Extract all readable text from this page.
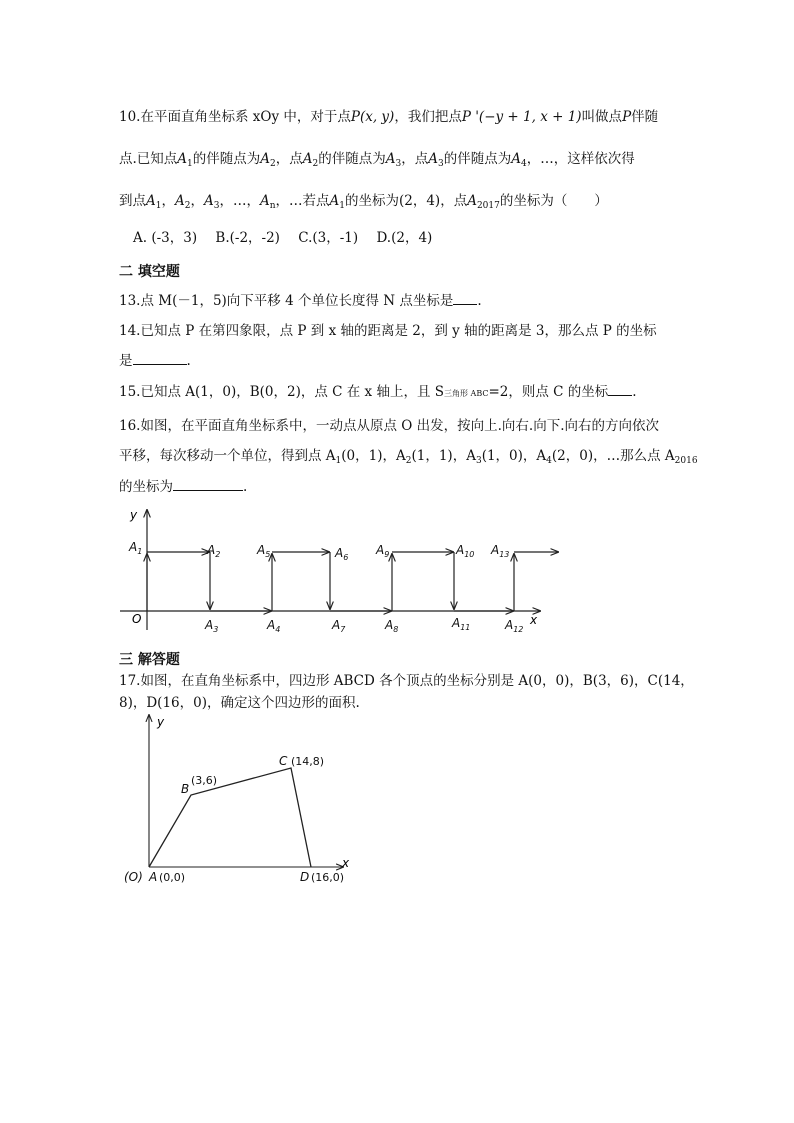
10.在平面直角坐标系 xOy 中，对于点P(x, y)，我们把点P '(−y + 1, x + 1)叫做点P伴随
点.已知点$A_1$的伴随点为$A_2$，点$A_2$的伴随点为$A_3$，点$A_3$的伴随点为$A_4$，…，这样依次得
到点$A_1$，$A_2$，$A_3$，…，$A_n$，…若点$A_1$的坐标为(2，4)，点$A_{2017}$的坐标为（　　）
A. (-3，3) B.(-2，-2) C.(3，-1) D.(2，4)
二 填空题
13.点 M(－1，5)向下平移 4 个单位长度得 N 点坐标是 .
14.已知点 P 在第四象限，点 P 到 x 轴的距离是 2，到 y 轴的距离是 3，那么点 P 的坐标
是	.
15.已知点 A(1，0)，B(0，2)，点 C 在 x 轴上，且 S三角形 ABC=2，则点 C 的坐标 .
16.如图，在平面直角坐标系中，一动点从原点 O 出发，按向上.向右.向下.向右的方向依次
平移，每次移动一个单位，得到点 $A_1(0$，1)，$A_2(1$，1)，$A_3(1$，0)，$A_4(2$，0)，…那么点 $A_{2016}$
的坐标为	.
y
x
O
$A_1$	$A_2$
$A_3$	$A_4$
$A_5$	$A_6$
$A_7$	$A_8$
$A_9$	$A_{10}$
$A_{11}$	$A_{12}$
$A_{13}$
三 解答题
17.如图，在直角坐标系中，四边形 ABCD 各个顶点的坐标分别是 A(0，0)，B(3，6)，C(14，
8)，D(16，0)，确定这个四边形的面积.
y
x
B
(3,6)
C (14,8)
(O) A (0,0)	D (16,0)
